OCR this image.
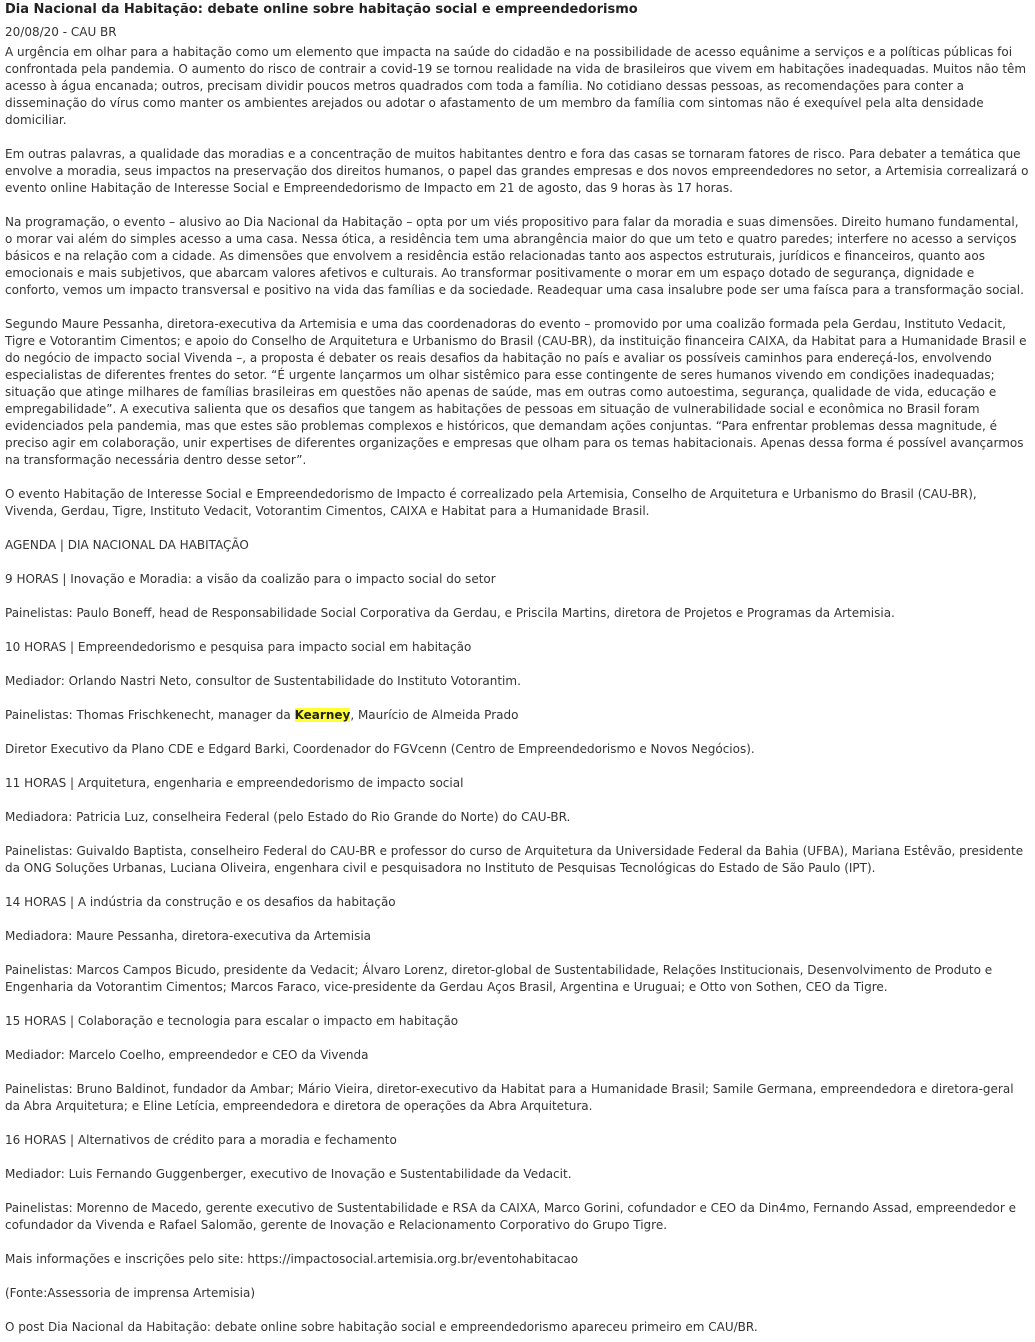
Dia Nacional da Habitação: debate online sobre habitação social e empreendedorismo
20/08/20 - CAU BR

A urgência em olhar para a habitação como um elemento que impacta na saúde do cidadão e na possibilidade de acesso equânime a serviços e a políticas públicas foi confrontada pela pandemia. O aumento do risco de contrair a covid-19 se tornou realidade na vida de brasileiros que vivem em habitações inadequadas. Muitos não têm acesso à água encanada; outros, precisam dividir poucos metros quadrados com toda a família. No cotidiano dessas pessoas, as recomendações para conter a disseminação do vírus como manter os ambientes arejados ou adotar o afastamento de um membro da família com sintomas não é exequível pela alta densidade domiciliar.

Em outras palavras, a qualidade das moradias e a concentração de muitos habitantes dentro e fora das casas se tornaram fatores de risco. Para debater a temática que envolve a moradia, seus impactos na preservação dos direitos humanos, o papel das grandes empresas e dos novos empreendedores no setor, a Artemisia correalizará o evento online Habitação de Interesse Social e Empreendedorismo de Impacto em 21 de agosto, das 9 horas às 17 horas.

Na programação, o evento – alusivo ao Dia Nacional da Habitação – opta por um viés propositivo para falar da moradia e suas dimensões. Direito humano fundamental, o morar vai além do simples acesso a uma casa. Nessa ótica, a residência tem uma abrangência maior do que um teto e quatro paredes; interfere no acesso a serviços básicos e na relação com a cidade. As dimensões que envolvem a residência estão relacionadas tanto aos aspectos estruturais, jurídicos e financeiros, quanto aos emocionais e mais subjetivos, que abarcam valores afetivos e culturais. Ao transformar positivamente o morar em um espaço dotado de segurança, dignidade e conforto, vemos um impacto transversal e positivo na vida das famílias e da sociedade. Readequar uma casa insalubre pode ser uma faísca para a transformação social.

Segundo Maure Pessanha, diretora-executiva da Artemisia e uma das coordenadoras do evento – promovido por uma coalizão formada pela Gerdau, Instituto Vedacit, Tigre e Votorantim Cimentos; e apoio do Conselho de Arquitetura e Urbanismo do Brasil (CAU-BR), da instituição financeira CAIXA, da Habitat para a Humanidade Brasil e do negócio de impacto social Vivenda –, a proposta é debater os reais desafios da habitação no país e avaliar os possíveis caminhos para endereçá-los, envolvendo especialistas de diferentes frentes do setor. “É urgente lançarmos um olhar sistêmico para esse contingente de seres humanos vivendo em condições inadequadas; situação que atinge milhares de famílias brasileiras em questões não apenas de saúde, mas em outras como autoestima, segurança, qualidade de vida, educação e empregabilidade”. A executiva salienta que os desafios que tangem as habitações de pessoas em situação de vulnerabilidade social e econômica no Brasil foram evidenciados pela pandemia, mas que estes são problemas complexos e históricos, que demandam ações conjuntas. “Para enfrentar problemas dessa magnitude, é preciso agir em colaboração, unir expertises de diferentes organizações e empresas que olham para os temas habitacionais. Apenas dessa forma é possível avançarmos na transformação necessária dentro desse setor”.

O evento Habitação de Interesse Social e Empreendedorismo de Impacto é correalizado pela Artemisia, Conselho de Arquitetura e Urbanismo do Brasil (CAU-BR), Vivenda, Gerdau, Tigre, Instituto Vedacit, Votorantim Cimentos, CAIXA e Habitat para a Humanidade Brasil.

AGENDA | DIA NACIONAL DA HABITAÇÃO

9 HORAS | Inovação e Moradia: a visão da coalizão para o impacto social do setor

Painelistas: Paulo Boneff, head de Responsabilidade Social Corporativa da Gerdau, e Priscila Martins, diretora de Projetos e Programas da Artemisia.

10 HORAS | Empreendedorismo e pesquisa para impacto social em habitação

Mediador: Orlando Nastri Neto, consultor de Sustentabilidade do Instituto Votorantim.

Painelistas: Thomas Frischkenecht, manager da Kearney, Maurício de Almeida Prado

Diretor Executivo da Plano CDE e Edgard Barki, Coordenador do FGVcenn (Centro de Empreendedorismo e Novos Negócios).

11 HORAS | Arquitetura, engenharia e empreendedorismo de impacto social

Mediadora: Patricia Luz, conselheira Federal (pelo Estado do Rio Grande do Norte) do CAU-BR.

Painelistas: Guivaldo Baptista, conselheiro Federal do CAU-BR e professor do curso de Arquitetura da Universidade Federal da Bahia (UFBA), Mariana Estêvão, presidente da ONG Soluções Urbanas, Luciana Oliveira, engenhara civil e pesquisadora no Instituto de Pesquisas Tecnológicas do Estado de São Paulo (IPT).

14 HORAS | A indústria da construção e os desafios da habitação

Mediadora: Maure Pessanha, diretora-executiva da Artemisia

Painelistas: Marcos Campos Bicudo, presidente da Vedacit; Álvaro Lorenz, diretor-global de Sustentabilidade, Relações Institucionais, Desenvolvimento de Produto e Engenharia da Votorantim Cimentos; Marcos Faraco, vice-presidente da Gerdau Aços Brasil, Argentina e Uruguai; e Otto von Sothen, CEO da Tigre.

15 HORAS | Colaboração e tecnologia para escalar o impacto em habitação

Mediador: Marcelo Coelho, empreendedor e CEO da Vivenda

Painelistas: Bruno Baldinot, fundador da Ambar; Mário Vieira, diretor-executivo da Habitat para a Humanidade Brasil; Samile Germana, empreendedora e diretora-geral da Abra Arquitetura; e Eline Letícia, empreendedora e diretora de operações da Abra Arquitetura.

16 HORAS | Alternativos de crédito para a moradia e fechamento

Mediador: Luis Fernando Guggenberger, executivo de Inovação e Sustentabilidade da Vedacit.

Painelistas: Morenno de Macedo, gerente executivo de Sustentabilidade e RSA da CAIXA, Marco Gorini, cofundador e CEO da Din4mo, Fernando Assad, empreendedor e cofundador da Vivenda e Rafael Salomão, gerente de Inovação e Relacionamento Corporativo do Grupo Tigre.

Mais informações e inscrições pelo site: https://impactosocial.artemisia.org.br/eventohabitacao

(Fonte:Assessoria de imprensa Artemisia)

O post Dia Nacional da Habitação: debate online sobre habitação social e empreendedorismo apareceu primeiro em CAU/BR.
